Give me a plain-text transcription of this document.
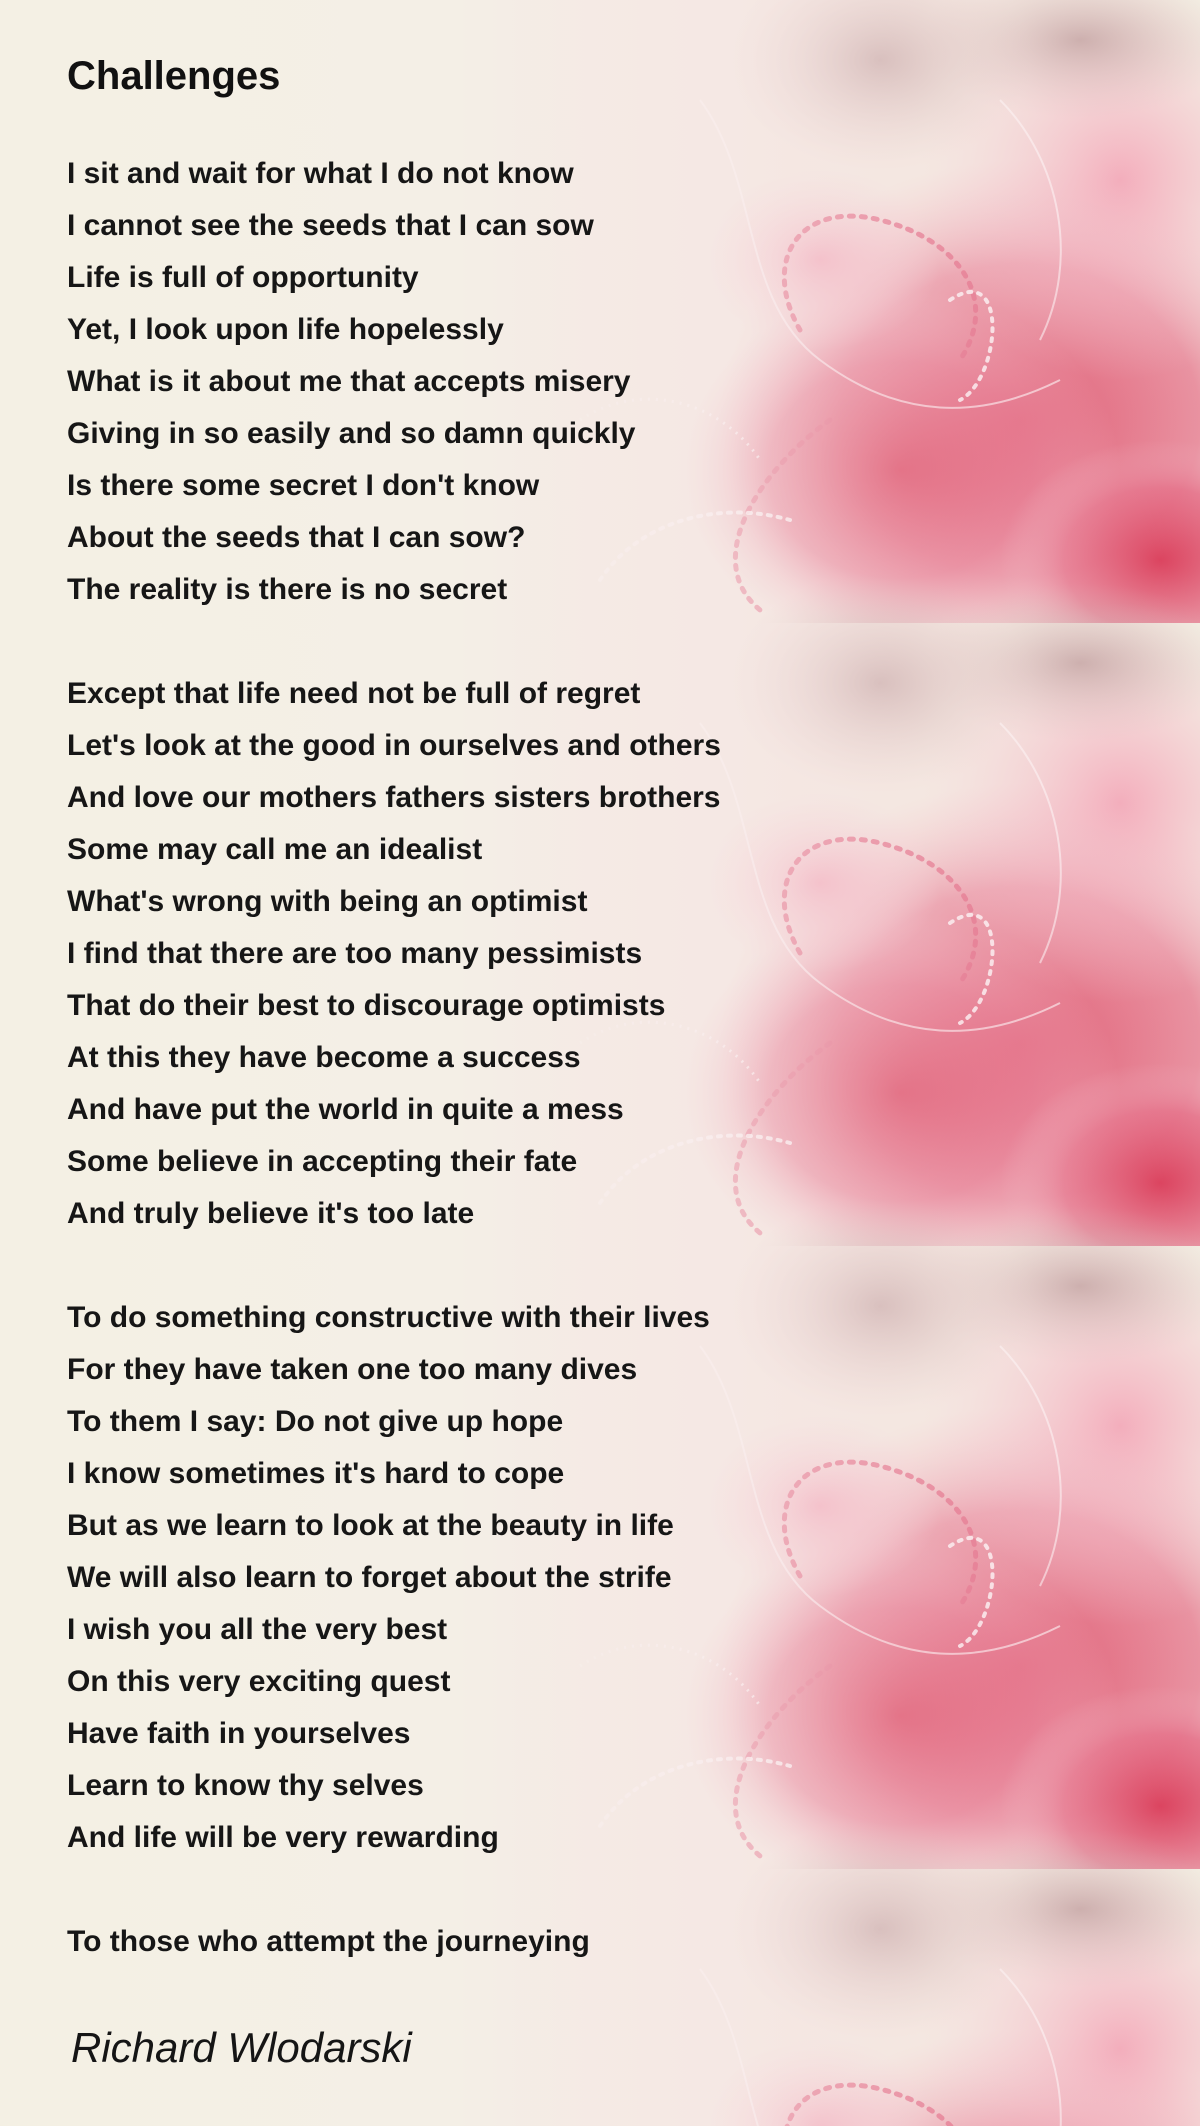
Challenges
I sit and wait for what I do not know
I cannot see the seeds that I can sow
Life is full of opportunity
Yet, I look upon life hopelessly
What is it about me that accepts misery
Giving in so easily and so damn quickly
Is there some secret I don't know
About the seeds that I can sow?
The reality is there is no secret
Except that life need not be full of regret
Let's look at the good in ourselves and others
And love our mothers fathers sisters brothers
Some may call me an idealist
What's wrong with being an optimist
I find that there are too many pessimists
That do their best to discourage optimists
At this they have become a success
And have put the world in quite a mess
Some believe in accepting their fate
And truly believe it's too late
To do something constructive with their lives
For they have taken one too many dives
To them I say: Do not give up hope
I know sometimes it's hard to cope
But as we learn to look at the beauty in life
We will also learn to forget about the strife
I wish you all the very best
On this very exciting quest
Have faith in yourselves
Learn to know thy selves
And life will be very rewarding
To those who attempt the journeying
Richard Wlodarski
